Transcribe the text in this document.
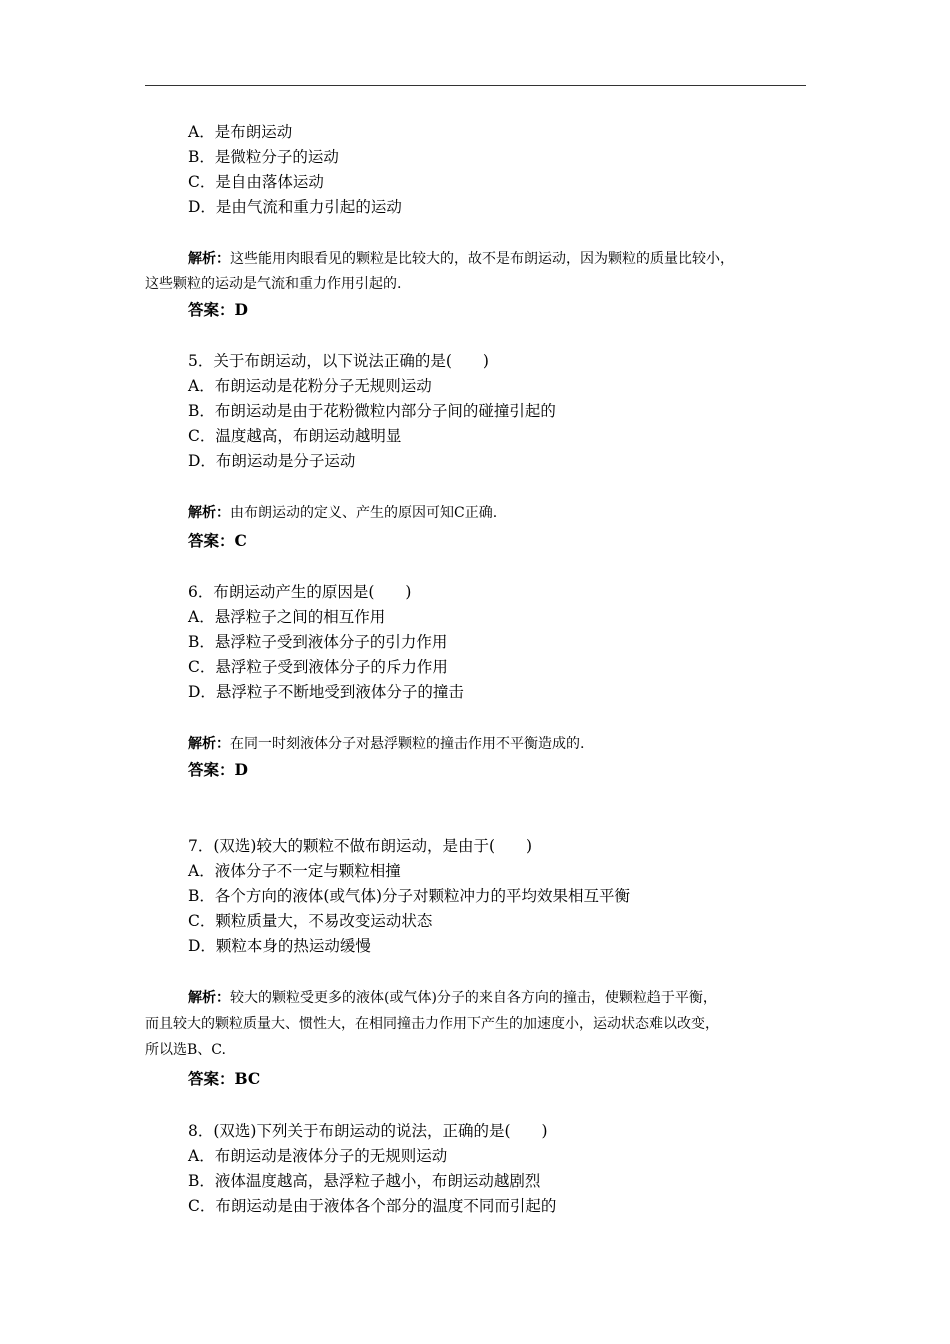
A．是布朗运动
B．是微粒分子的运动
C．是自由落体运动
D．是由气流和重力引起的运动
解析：这些能用肉眼看见的颗粒是比较大的，故不是布朗运动，因为颗粒的质量比较小，
这些颗粒的运动是气流和重力作用引起的.
答案：D
5．关于布朗运动，以下说法正确的是(　　)
A．布朗运动是花粉分子无规则运动
B．布朗运动是由于花粉微粒内部分子间的碰撞引起的
C．温度越高，布朗运动越明显
D．布朗运动是分子运动
解析：由布朗运动的定义、产生的原因可知C正确.
答案：C
6．布朗运动产生的原因是(　　)
A．悬浮粒子之间的相互作用
B．悬浮粒子受到液体分子的引力作用
C．悬浮粒子受到液体分子的斥力作用
D．悬浮粒子不断地受到液体分子的撞击
解析：在同一时刻液体分子对悬浮颗粒的撞击作用不平衡造成的.
答案：D
7．(双选)较大的颗粒不做布朗运动，是由于(　　)
A．液体分子不一定与颗粒相撞
B．各个方向的液体(或气体)分子对颗粒冲力的平均效果相互平衡
C．颗粒质量大，不易改变运动状态
D．颗粒本身的热运动缓慢
解析：较大的颗粒受更多的液体(或气体)分子的来自各方向的撞击，使颗粒趋于平衡，
而且较大的颗粒质量大、惯性大，在相同撞击力作用下产生的加速度小，运动状态难以改变，
所以选B、C.
答案：BC
8．(双选)下列关于布朗运动的说法，正确的是(　　)
A．布朗运动是液体分子的无规则运动
B．液体温度越高，悬浮粒子越小，布朗运动越剧烈
C．布朗运动是由于液体各个部分的温度不同而引起的
